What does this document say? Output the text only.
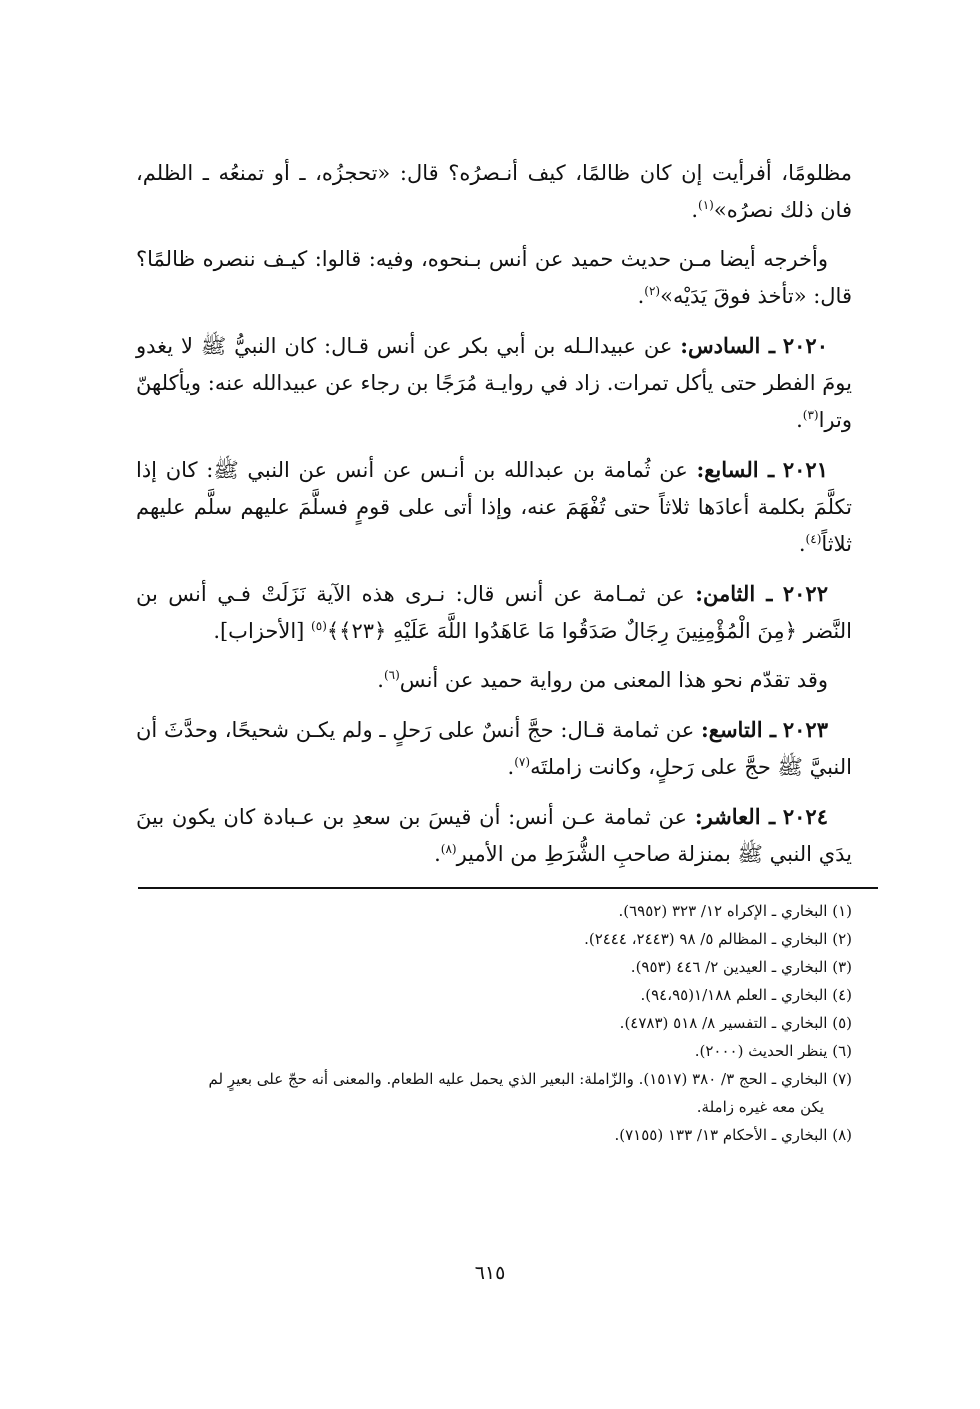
مظلومًا، أفرأيت إن كان ظالمًا، كيف أنـصرُه؟ قال: «تحجزُه، ـ أو تمنعُه ـ الظلم، فان ذلك نصرُه»$^{(١)}$.

وأخرجه أيضا مـن حديث حميد عن أنس بـنحوه، وفيه: قالوا: كيـف ننصره ظالمًا؟ قال: «تأخذ فوقَ يَدَيْه»$^{(٢)}$.

٢٠٢٠ ـ السادس: عن عبيدالـله بن أبي بكر عن أنس قـال: كان النبيُّ ﷺ لا يغدو يومَ الفطر حتى يأكل تمرات. زاد في روايـة مُرَجًا بن رجاء عن عبيدالله عنه: ويأكلهنّ وترا$^{(٣)}$.

٢٠٢١ ـ السابع: عن ثُمامة بن عبدالله بن أنـس عن أنس عن النبي ﷺ: كان إذا تكلَّمَ بكلمة أعادَها ثلاثاً حتى تُفْهَمَ عنه، وإذا أتى على قومٍ فسلَّمَ عليهم سلَّم عليهم ثلاثاً$^{(٤)}$.

٢٠٢٢ ـ الثامن: عن ثمـامة عن أنس قال: نـرى هذه الآية نَزَلَتْ فـي أنس بن النَّضر ﴿مِنَ الْمُؤْمِنِينَ رِجَالٌ صَدَقُوا مَا عَاهَدُوا اللَّهَ عَلَيْهِ ﴿٢٣﴾﴾$^{(٥)}$ [الأحزاب].

وقد تقدّم نحو هذا المعنى من رواية حميد عن أنس$^{(٦)}$.

٢٠٢٣ ـ التاسع: عن ثمامة قـال: حجَّ أنسٌ على رَحلٍ ـ ولم يكـن شحيحًا، وحدَّثَ أن النبيَّ ﷺ حجَّ على رَحلٍ، وكانت زاملتَه$^{(٧)}$.

٢٠٢٤ ـ العاشر: عن ثمامة عـن أنس: أن قيسَ بن سعدِ بن عـبادة كان يكون بينَ يدَي النبي ﷺ بمنزلة صاحبِ الشُّرَطِ من الأمير$^{(٨)}$.

(١) البخاري ـ الإكراه ١٢/ ٣٢٣ (٦٩٥٢).

(٢) البخاري ـ المظالم ٥/ ٩٨ (٢٤٤٣، ٢٤٤٤).

(٣) البخاري ـ العيدين ٢/ ٤٤٦ (٩٥٣).

(٤) البخاري ـ العلم ١/١٨٨(٩٤،٩٥).

(٥) البخاري ـ التفسير ٨/ ٥١٨ (٤٧٨٣).

(٦) ينظر الحديث (٢٠٠٠).

(٧) البخاري ـ الحج ٣/ ٣٨٠ (١٥١٧). والزّاملة: البعير الذي يحمل عليه الطعام. والمعنى أنه حجّ على بعيرٍ لم

يكن معه غيره زاملة.

(٨) البخاري ـ الأحكام ١٣/ ١٣٣ (٧١٥٥).

٦١٥
